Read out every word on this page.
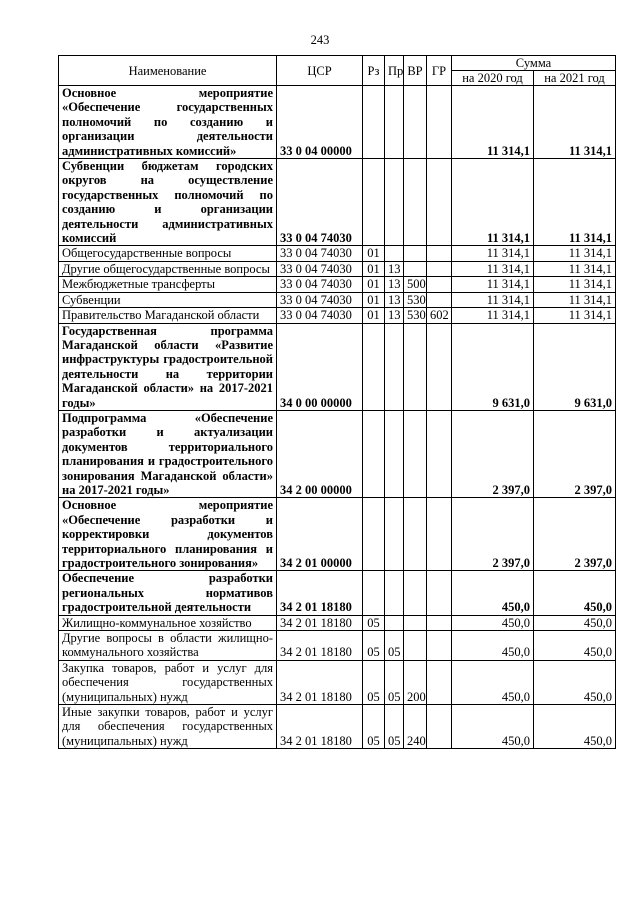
243
Наименование	ЦСР	Рз	Пр	ВР	ГР	Сумма	
						на 2020 год	на 2021 год
Основное мероприятие «Обеспечение государственных полномочий по созданию и организации деятельности административных комиссий»	33 0 04 00000					11 314,1	11 314,1
Субвенции бюджетам городских округов на осуществление государственных полномочий по созданию и организации деятельности административных комиссий	33 0 04 74030					11 314,1	11 314,1
Общегосударственные вопросы	33 0 04 74030	01				11 314,1	11 314,1
Другие общегосударственные вопросы	33 0 04 74030	01	13			11 314,1	11 314,1
Межбюджетные трансферты	33 0 04 74030	01	13	500		11 314,1	11 314,1
Субвенции	33 0 04 74030	01	13	530		11 314,1	11 314,1
Правительство Магаданской области	33 0 04 74030	01	13	530	602	11 314,1	11 314,1
Государственная программа Магаданской области «Развитие инфраструктуры градостроительной деятельности на территории Магаданской области» на 2017-2021 годы»	34 0 00 00000					9 631,0	9 631,0
Подпрограмма «Обеспечение разработки и актуализации документов территориального планирования и градостроительного зонирования Магаданской области» на 2017-2021 годы»	34 2 00 00000					2 397,0	2 397,0
Основное мероприятие «Обеспечение разработки и корректировки документов территориального планирования и градостроительного зонирования»	34 2 01 00000					2 397,0	2 397,0
Обеспечение разработки региональных нормативов градостроительной деятельности	34 2 01 18180					450,0	450,0
Жилищно-коммунальное хозяйство	34 2 01 18180	05				450,0	450,0
Другие вопросы в области жилищно-коммунального хозяйства	34 2 01 18180	05	05			450,0	450,0
Закупка товаров, работ и услуг для обеспечения государственных (муниципальных) нужд	34 2 01 18180	05	05	200		450,0	450,0
Иные закупки товаров, работ и услуг для обеспечения государственных (муниципальных) нужд	34 2 01 18180	05	05	240		450,0	450,0
